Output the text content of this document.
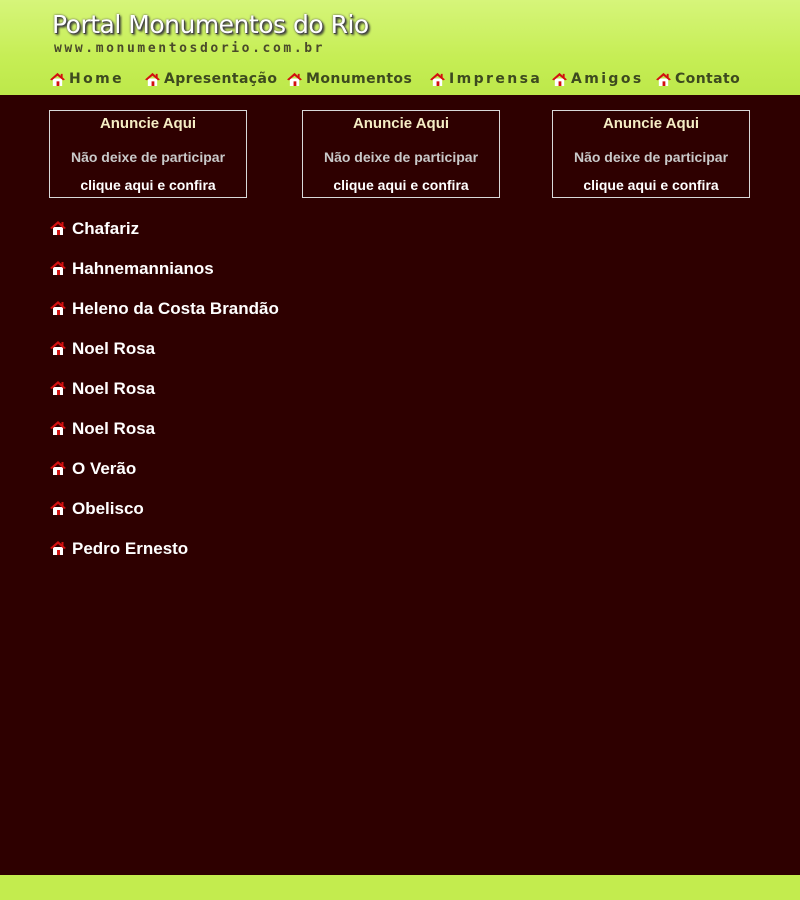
Portal Monumentos do Rio
www.monumentosdorio.com.br
Home	Apresentação Monumentos	Imprensa Amigos Contato
Anuncie Aqui
Não deixe de participar
clique aqui e confira
Anuncie Aqui
Não deixe de participar
clique aqui e confira
Anuncie Aqui
Não deixe de participar
clique aqui e confira
Chafariz
Hahnemannianos
Heleno da Costa Brandão
Noel Rosa
Noel Rosa
Noel Rosa
O Verão
Obelisco
Pedro Ernesto
